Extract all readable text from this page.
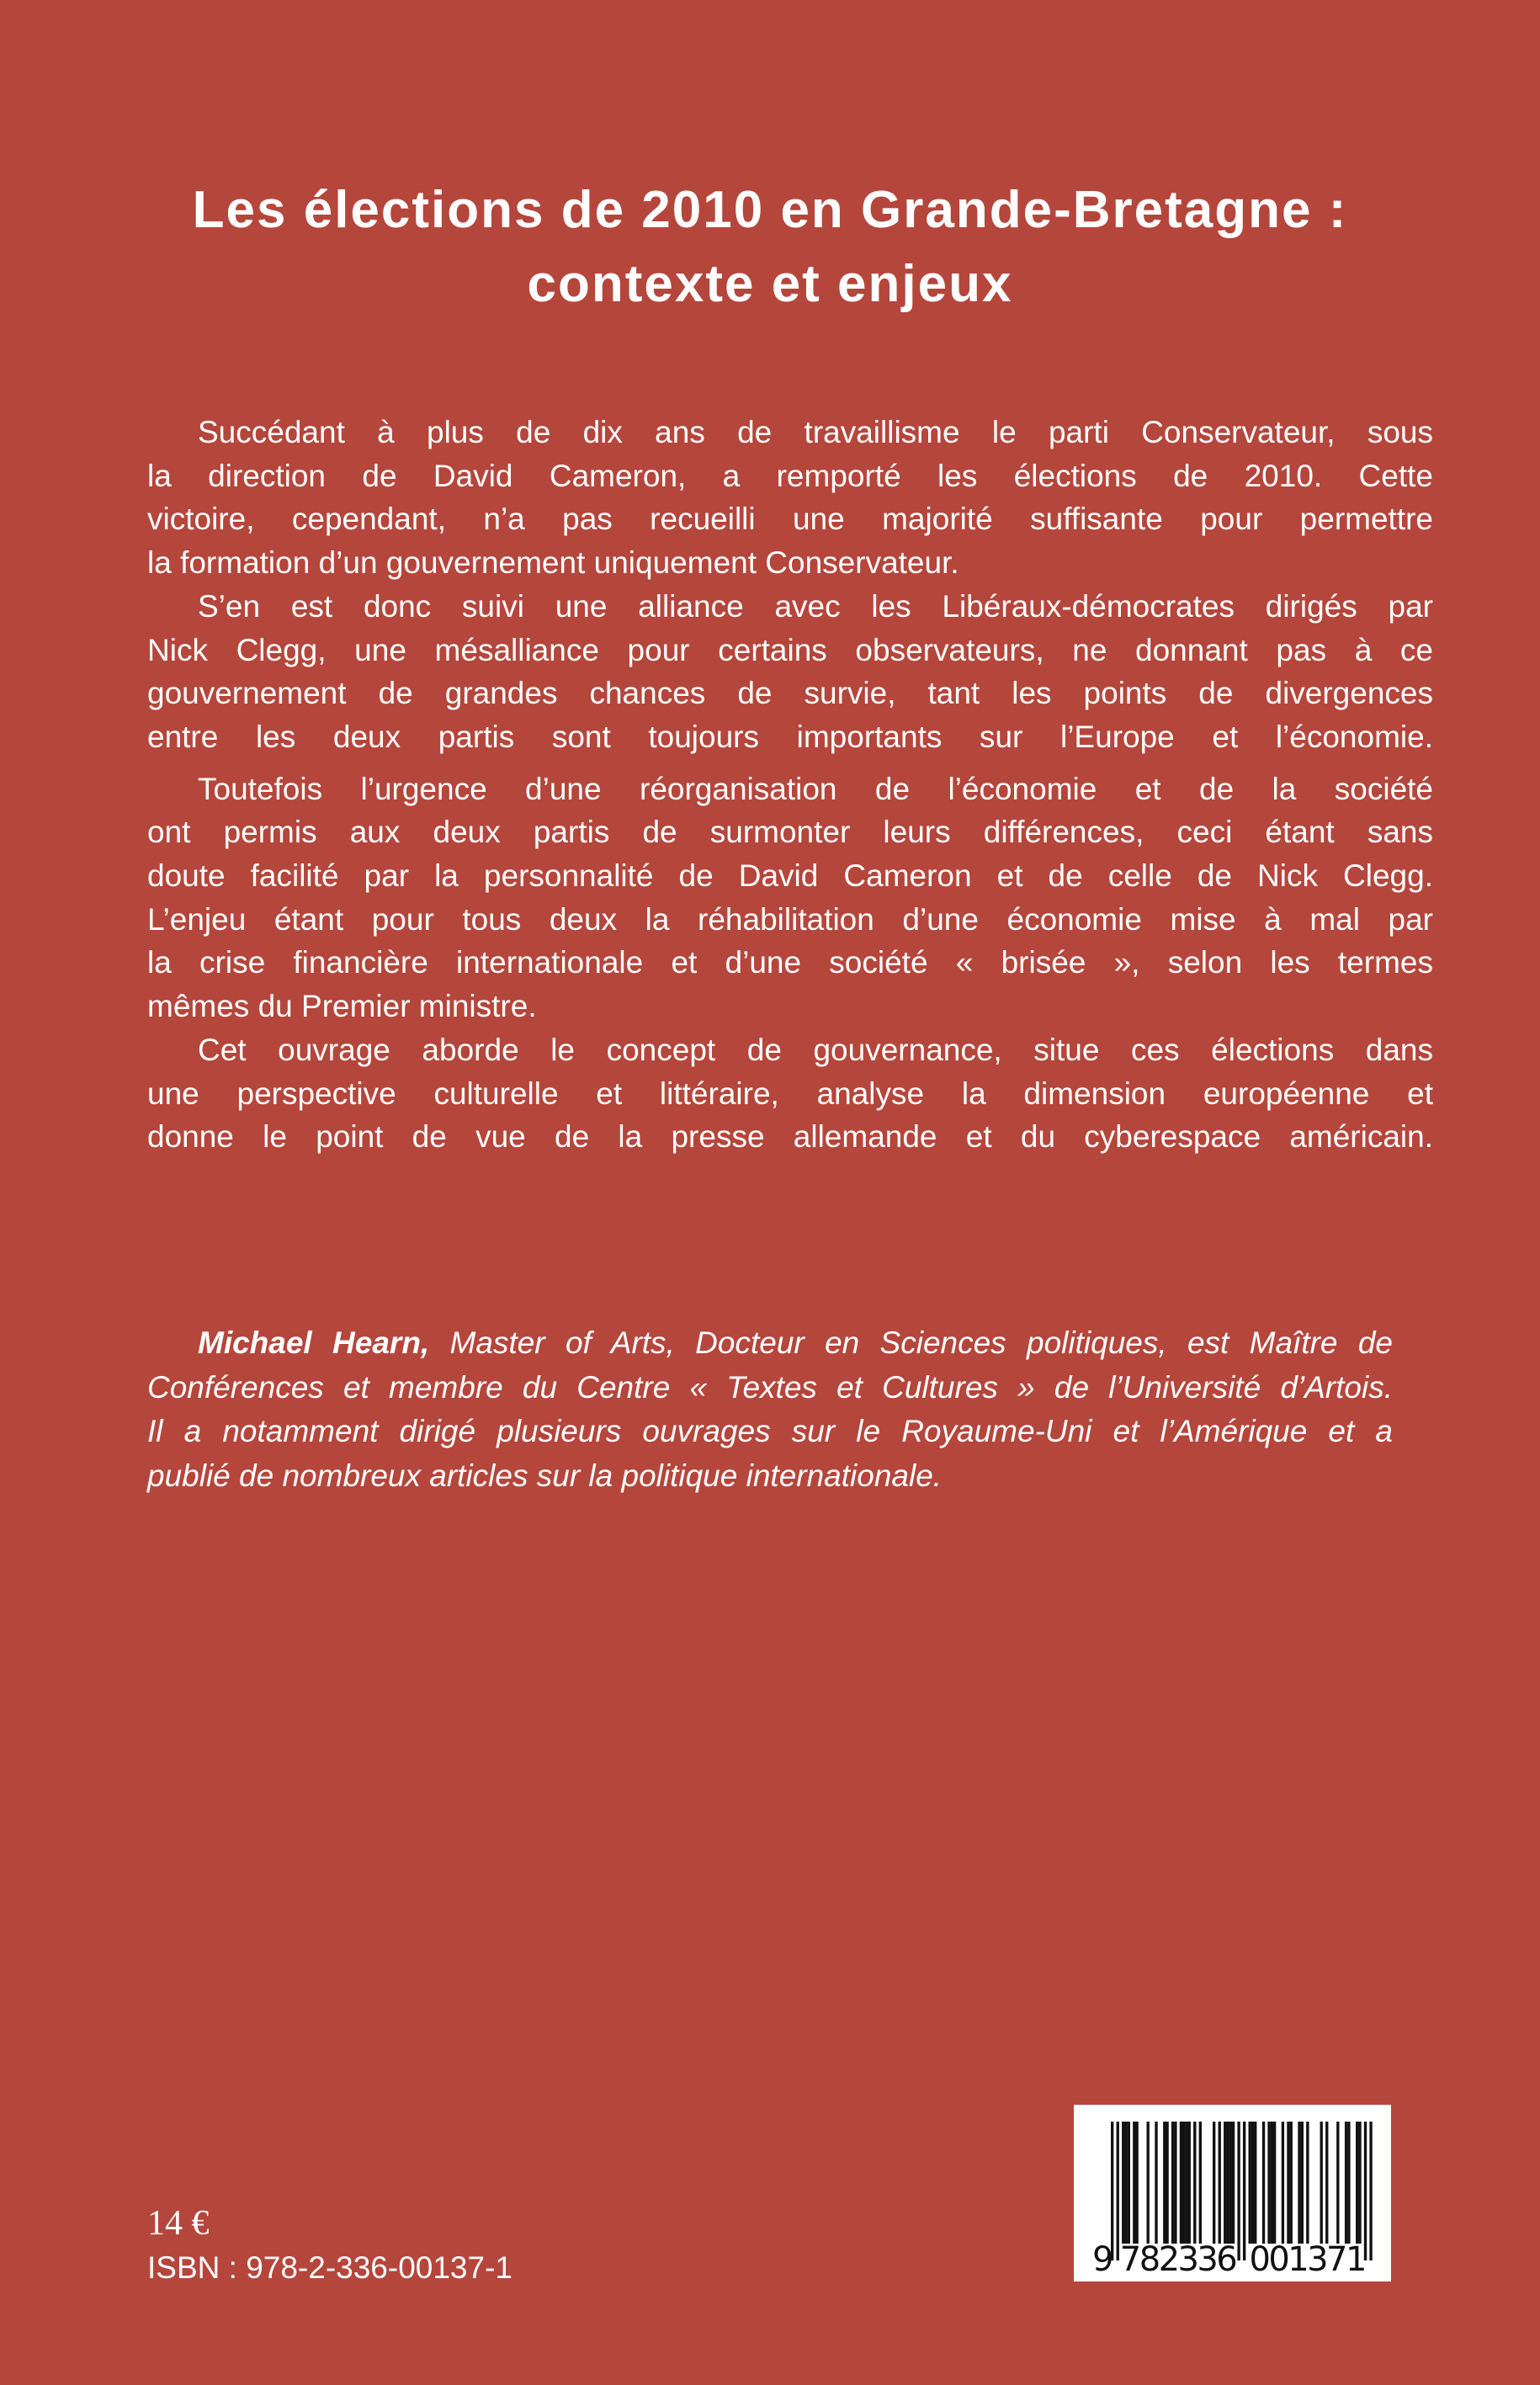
Les élections de 2010 en Grande-Bretagne :
contexte et enjeux

Succédant à plus de dix ans de travaillisme le parti Conservateur, sous
la direction de David Cameron, a remporté les élections de 2010. Cette
victoire, cependant, n’a pas recueilli une majorité suffisante pour permettre
la formation d’un gouvernement uniquement Conservateur.

S’en est donc suivi une alliance avec les Libéraux-démocrates dirigés par
Nick Clegg, une mésalliance pour certains observateurs, ne donnant pas à ce
gouvernement de grandes chances de survie, tant les points de divergences
entre les deux partis sont toujours importants sur l’Europe et l’économie.

Toutefois l’urgence d’une réorganisation de l’économie et de la société
ont permis aux deux partis de surmonter leurs différences, ceci étant sans
doute facilité par la personnalité de David Cameron et de celle de Nick Clegg.
L’enjeu étant pour tous deux la réhabilitation d’une économie mise à mal par
la crise financière internationale et d’une société « brisée », selon les termes
mêmes du Premier ministre.

Cet ouvrage aborde le concept de gouvernance, situe ces élections dans
une perspective culturelle et littéraire, analyse la dimension européenne et
donne le point de vue de la presse allemande et du cyberespace américain.

Michael Hearn, Master of Arts, Docteur en Sciences politiques, est Maître de
Conférences et membre du Centre « Textes et Cultures » de l’Université d’Artois.
Il a notamment dirigé plusieurs ouvrages sur le Royaume-Uni et l’Amérique et a
publié de nombreux articles sur la politique internationale.
14 €
ISBN : 978-2-336-00137-1	9 7
8
2
3
3
6 0
0
1
3
7
1
